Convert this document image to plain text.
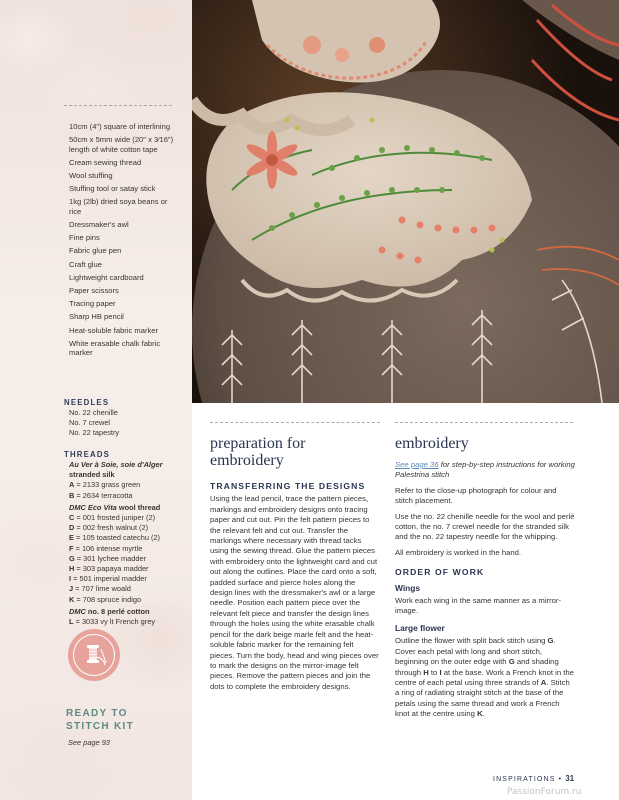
10cm (4") square of interlining
50cm x 5mm wide (20" x 3⁄16") length of white cotton tape
Cream sewing thread
Wool stuffing
Stuffing tool or satay stick
1kg (2lb) dried soya beans or rice
Dressmaker's awl
Fine pins
Fabric glue pen
Craft glue
Lightweight cardboard
Paper scissors
Tracing paper
Sharp HB pencil
Heat-soluble fabric marker
White erasable chalk fabric marker
NEEDLES
No. 22 chenille
No. 7 crewel
No. 22 tapestry
THREADS
Au Ver à Soie, soie d'Alger
stranded silk
A = 2133 grass green
B = 2634 terracotta
DMC Eco Vita wool thread
C = 001 frosted juniper (2)
D = 002 fresh walnut (2)
E = 105 toasted catechu (2)
F = 106 intense myrtle
G = 301 lychee madder
H = 303 papaya madder
I = 501 imperial madder
J = 707 lime woald
K = 708 spruce indigo
DMC no. 8 perlé cotton
L = 3033 vy lt French grey
READY TO
STITCH KIT
See page 93
preparation for
embroidery
TRANSFERRING THE DESIGNS

Using the lead pencil, trace the pattern pieces, markings and embroidery designs onto tracing paper and cut out. Pin the felt pattern pieces to the relevant felt and cut out. Transfer the markings where necessary with thread tacks using the sewing thread. Glue the pattern pieces with embroidery onto the lightweight card and cut out along the outlines. Place the card onto a soft, padded surface and pierce holes along the design lines with the dressmaker's awl or a large needle. Position each pattern piece over the relevant felt piece and transfer the design lines through the holes using the white erasable chalk pencil for the dark beige marle felt and the heat-soluble fabric marker for the remaining felt pieces. Turn the body, head and wing pieces over to mark the designs on the mirror-image felt pieces. Remove the pattern pieces and join the dots to complete the embroidery designs.

embroidery

See page 36 for step-by-step instructions for working Palestrina stitch

Refer to the close-up photograph for colour and stitch placement.

Use the no. 22 chenille needle for the wool and perlé cotton, the no. 7 crewel needle for the stranded silk and the no. 22 tapestry needle for the whipping.

All embroidery is worked in the hand.

ORDER OF WORK
Wings

Work each wing in the same manner as a mirror-image.

Large flower

Outline the flower with split back stitch using G. Cover each petal with long and short stitch, beginning on the outer edge with G and shading through H to I at the base. Work a French knot in the centre of each petal using three strands of A. Stitch a ring of radiating straight stitch at the base of the petals using the same thread and work a French knot at the centre using K.

INSPIRATIONS • 31
PassionForum.ru
